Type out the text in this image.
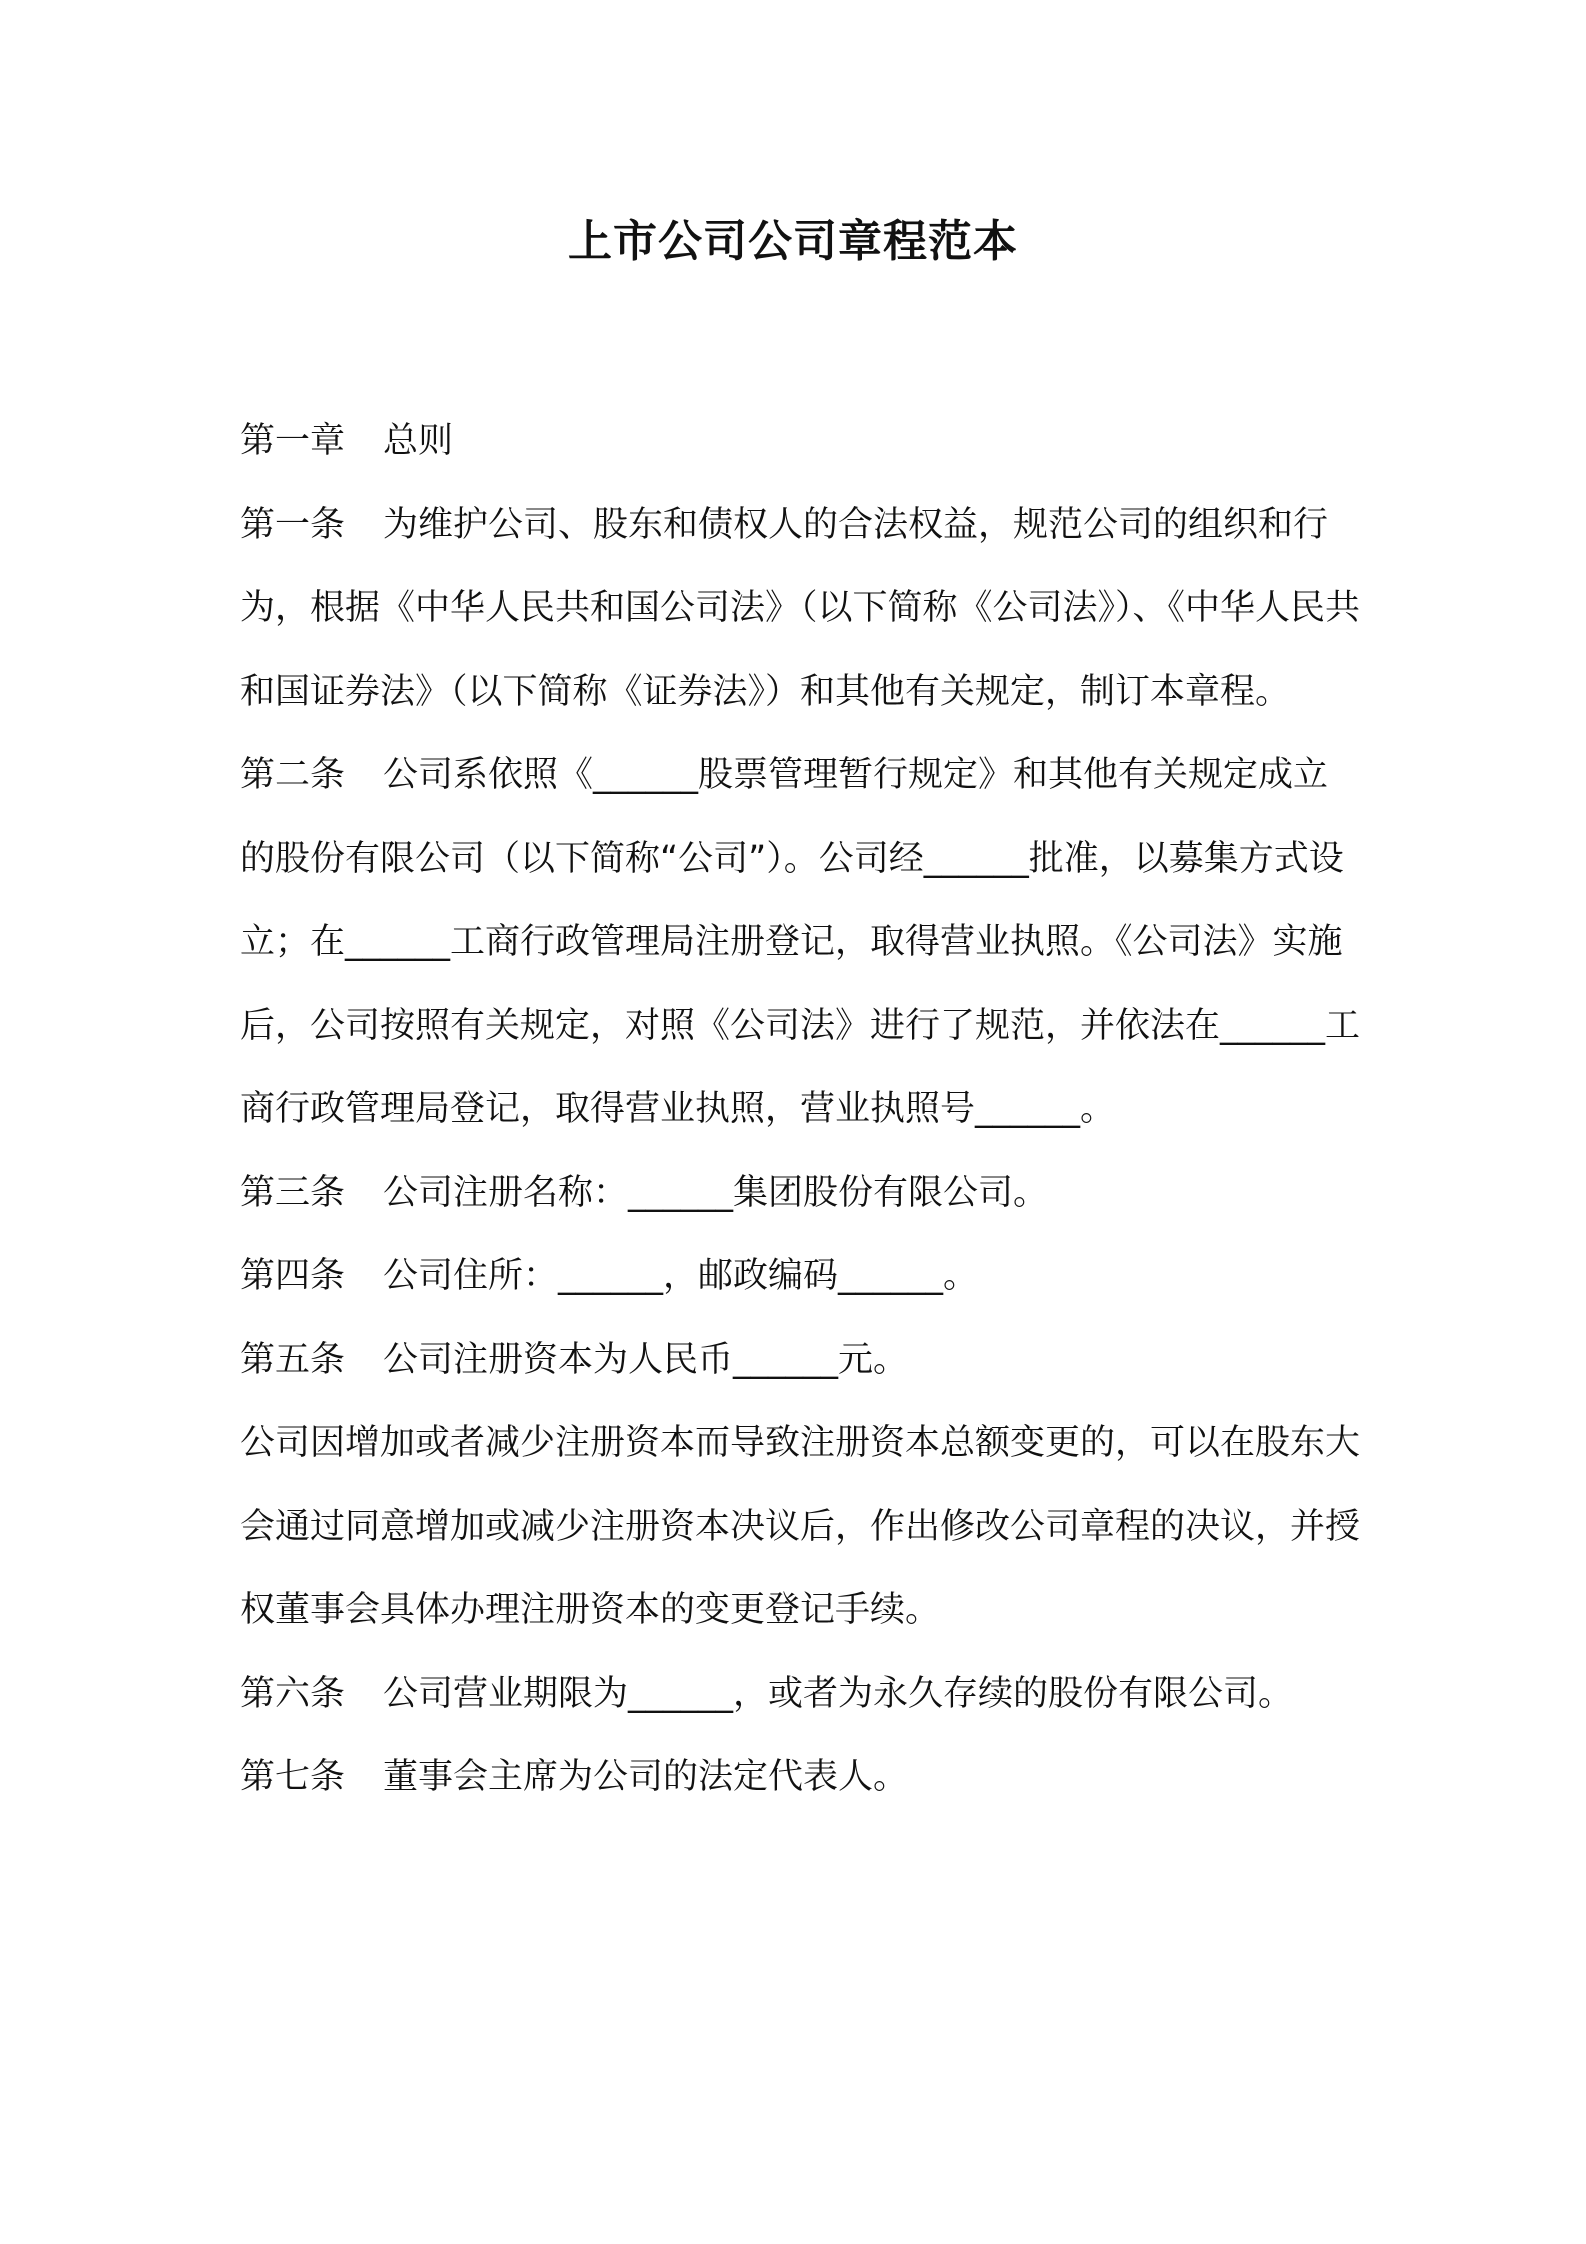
上市公司公司章程范本

第一章 总则

第一条 为维护公司、股东和债权人的合法权益，规范公司的组织和行为，根据《中华人民共和国公司法》（以下简称《公司法》）、《中华人民共和国证券法》（以下简称《证券法》）和其他有关规定，制订本章程。

第二条 公司系依照《______股票管理暂行规定》和其他有关规定成立的股份有限公司（以下简称“公司”）。公司经______批准，以募集方式设立；在______工商行政管理局注册登记，取得营业执照。《公司法》实施后，公司按照有关规定，对照《公司法》进行了规范，并依法在______工商行政管理局登记，取得营业执照，营业执照号______。

第三条 公司注册名称：______集团股份有限公司。

第四条 公司住所：______，邮政编码______。

第五条 公司注册资本为人民币______元。

公司因增加或者减少注册资本而导致注册资本总额变更的，可以在股东大会通过同意增加或减少注册资本决议后，作出修改公司章程的决议，并授权董事会具体办理注册资本的变更登记手续。

第六条 公司营业期限为______，或者为永久存续的股份有限公司。

第七条 董事会主席为公司的法定代表人。
